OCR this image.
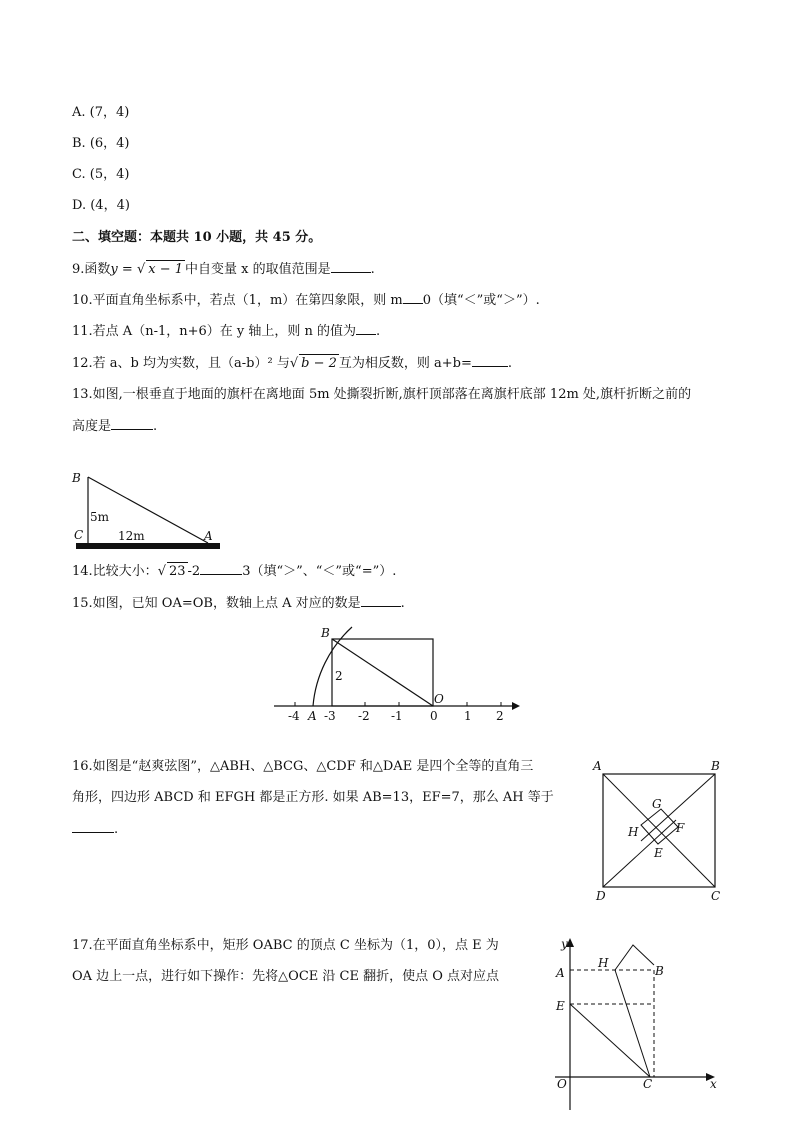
A. (7，4)
B. (6，4)
C. (5，4)
D. (4，4)
二、填空题：本题共 10 小题，共 45 分。
9.函数y = √ x − 1 中自变量 x 的取值范围是	.
10.平面直角坐标系中，若点（1，m）在第四象限，则 m 0（填“＜”或“＞”）.
11.若点 A（n-1，n+6）在 y 轴上，则 n 的值为 .
12.若 a、b 均为实数，且（a-b）² 与√ b − 2 互为相反数，则 a+b=	.
13.如图,一根垂直于地面的旗杆在离地面 5m 处撕裂折断,旗杆顶部落在离旗杆底部 12m 处,旗杆折断之前的
高度是	.
B
C	A
5m
12m
14.比较大小：√ 23 -2	3（填“＞”、“＜”或“=”）.
15.如图，已知 OA=OB，数轴上点 A 对应的数是	.
B
O
A
2
-4 -3 -2 -1 0 1 2
16.如图是“赵爽弦图”，△ABH、△BCG、△CDF 和△DAE 是四个全等的直角三
角形，四边形 ABCD 和 EFGH 都是正方形. 如果 AB=13，EF=7，那么 AH 等于
.
A	B
D	C
G
H	F
E
17.在平面直角坐标系中，矩形 OABC 的顶点 C 坐标为（1，0），点 E 为
OA 边上一点，进行如下操作：先将△OCE 沿 CE 翻折，使点 O 点对应点
y
x
A
H
B
E
O	C
